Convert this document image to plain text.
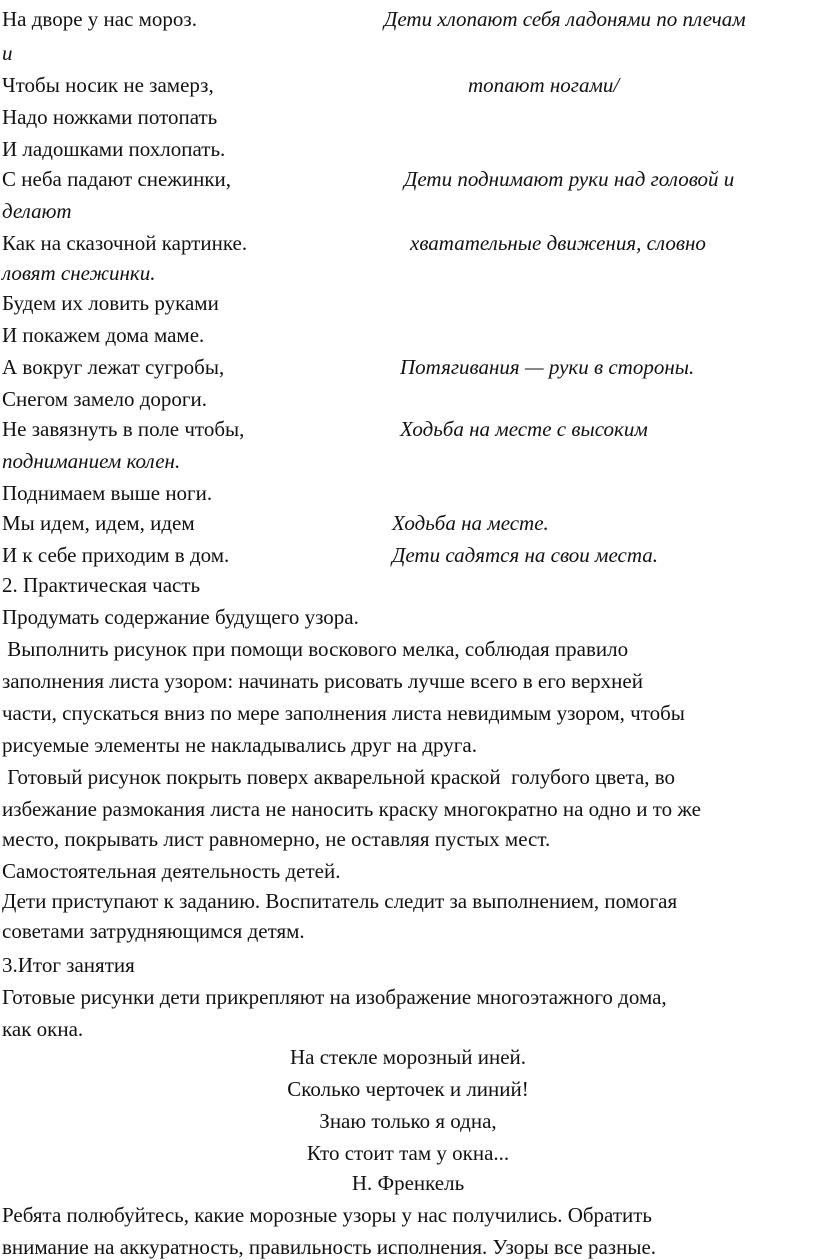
На дворе у нас мороз.
Чтобы носик не замерз,
Надо ножками потопать
И ладошками похлопать.
С неба падают снежинки,
Как на сказочной картинке.
Будем их ловить руками
И покажем дома маме.
А вокруг лежат сугробы,
Снегом замело дороги.
Не завязнуть в поле чтобы,
Поднимаем выше ноги.
Мы идем, идем, идем
И к себе приходим в дом.
Дети хлопают себя ладонями по плечам
и
топают ногами/
Дети поднимают руки над головой и
делают
хватательные движения, словно
ловят снежинки.
Потягивания — руки в стороны.
Ходьба на месте с высоким
подниманием колен.
Ходьба на месте.
Дети садятся на свои места.
2. Практическая часть
Продумать содержание будущего узора.
Выполнить рисунок при помощи воскового мелка, соблюдая правило
заполнения листа узором: начинать рисовать лучше всего в его верхней
части, спускаться вниз по мере заполнения листа невидимым узором, чтобы
рисуемые элементы не накладывались друг на друга.
Готовый рисунок покрыть поверх акварельной краской  голубого цвета, во
избежание размокания листа не наносить краску многократно на одно и то же
место, покрывать лист равномерно, не оставляя пустых мест.
Самостоятельная деятельность детей.
Дети приступают к заданию. Воспитатель следит за выполнением, помогая
советами затрудняющимся детям.
3.Итог занятия
Готовые рисунки дети прикрепляют на изображение многоэтажного дома,
как окна.
На стекле морозный иней.
Сколько черточек и линий!
Знаю только я одна,
Кто стоит там у окна...
Н. Френкель
Ребята полюбуйтесь, какие морозные узоры у нас получились. Обратить
внимание на аккуратность, правильность исполнения. Узоры все разные.
